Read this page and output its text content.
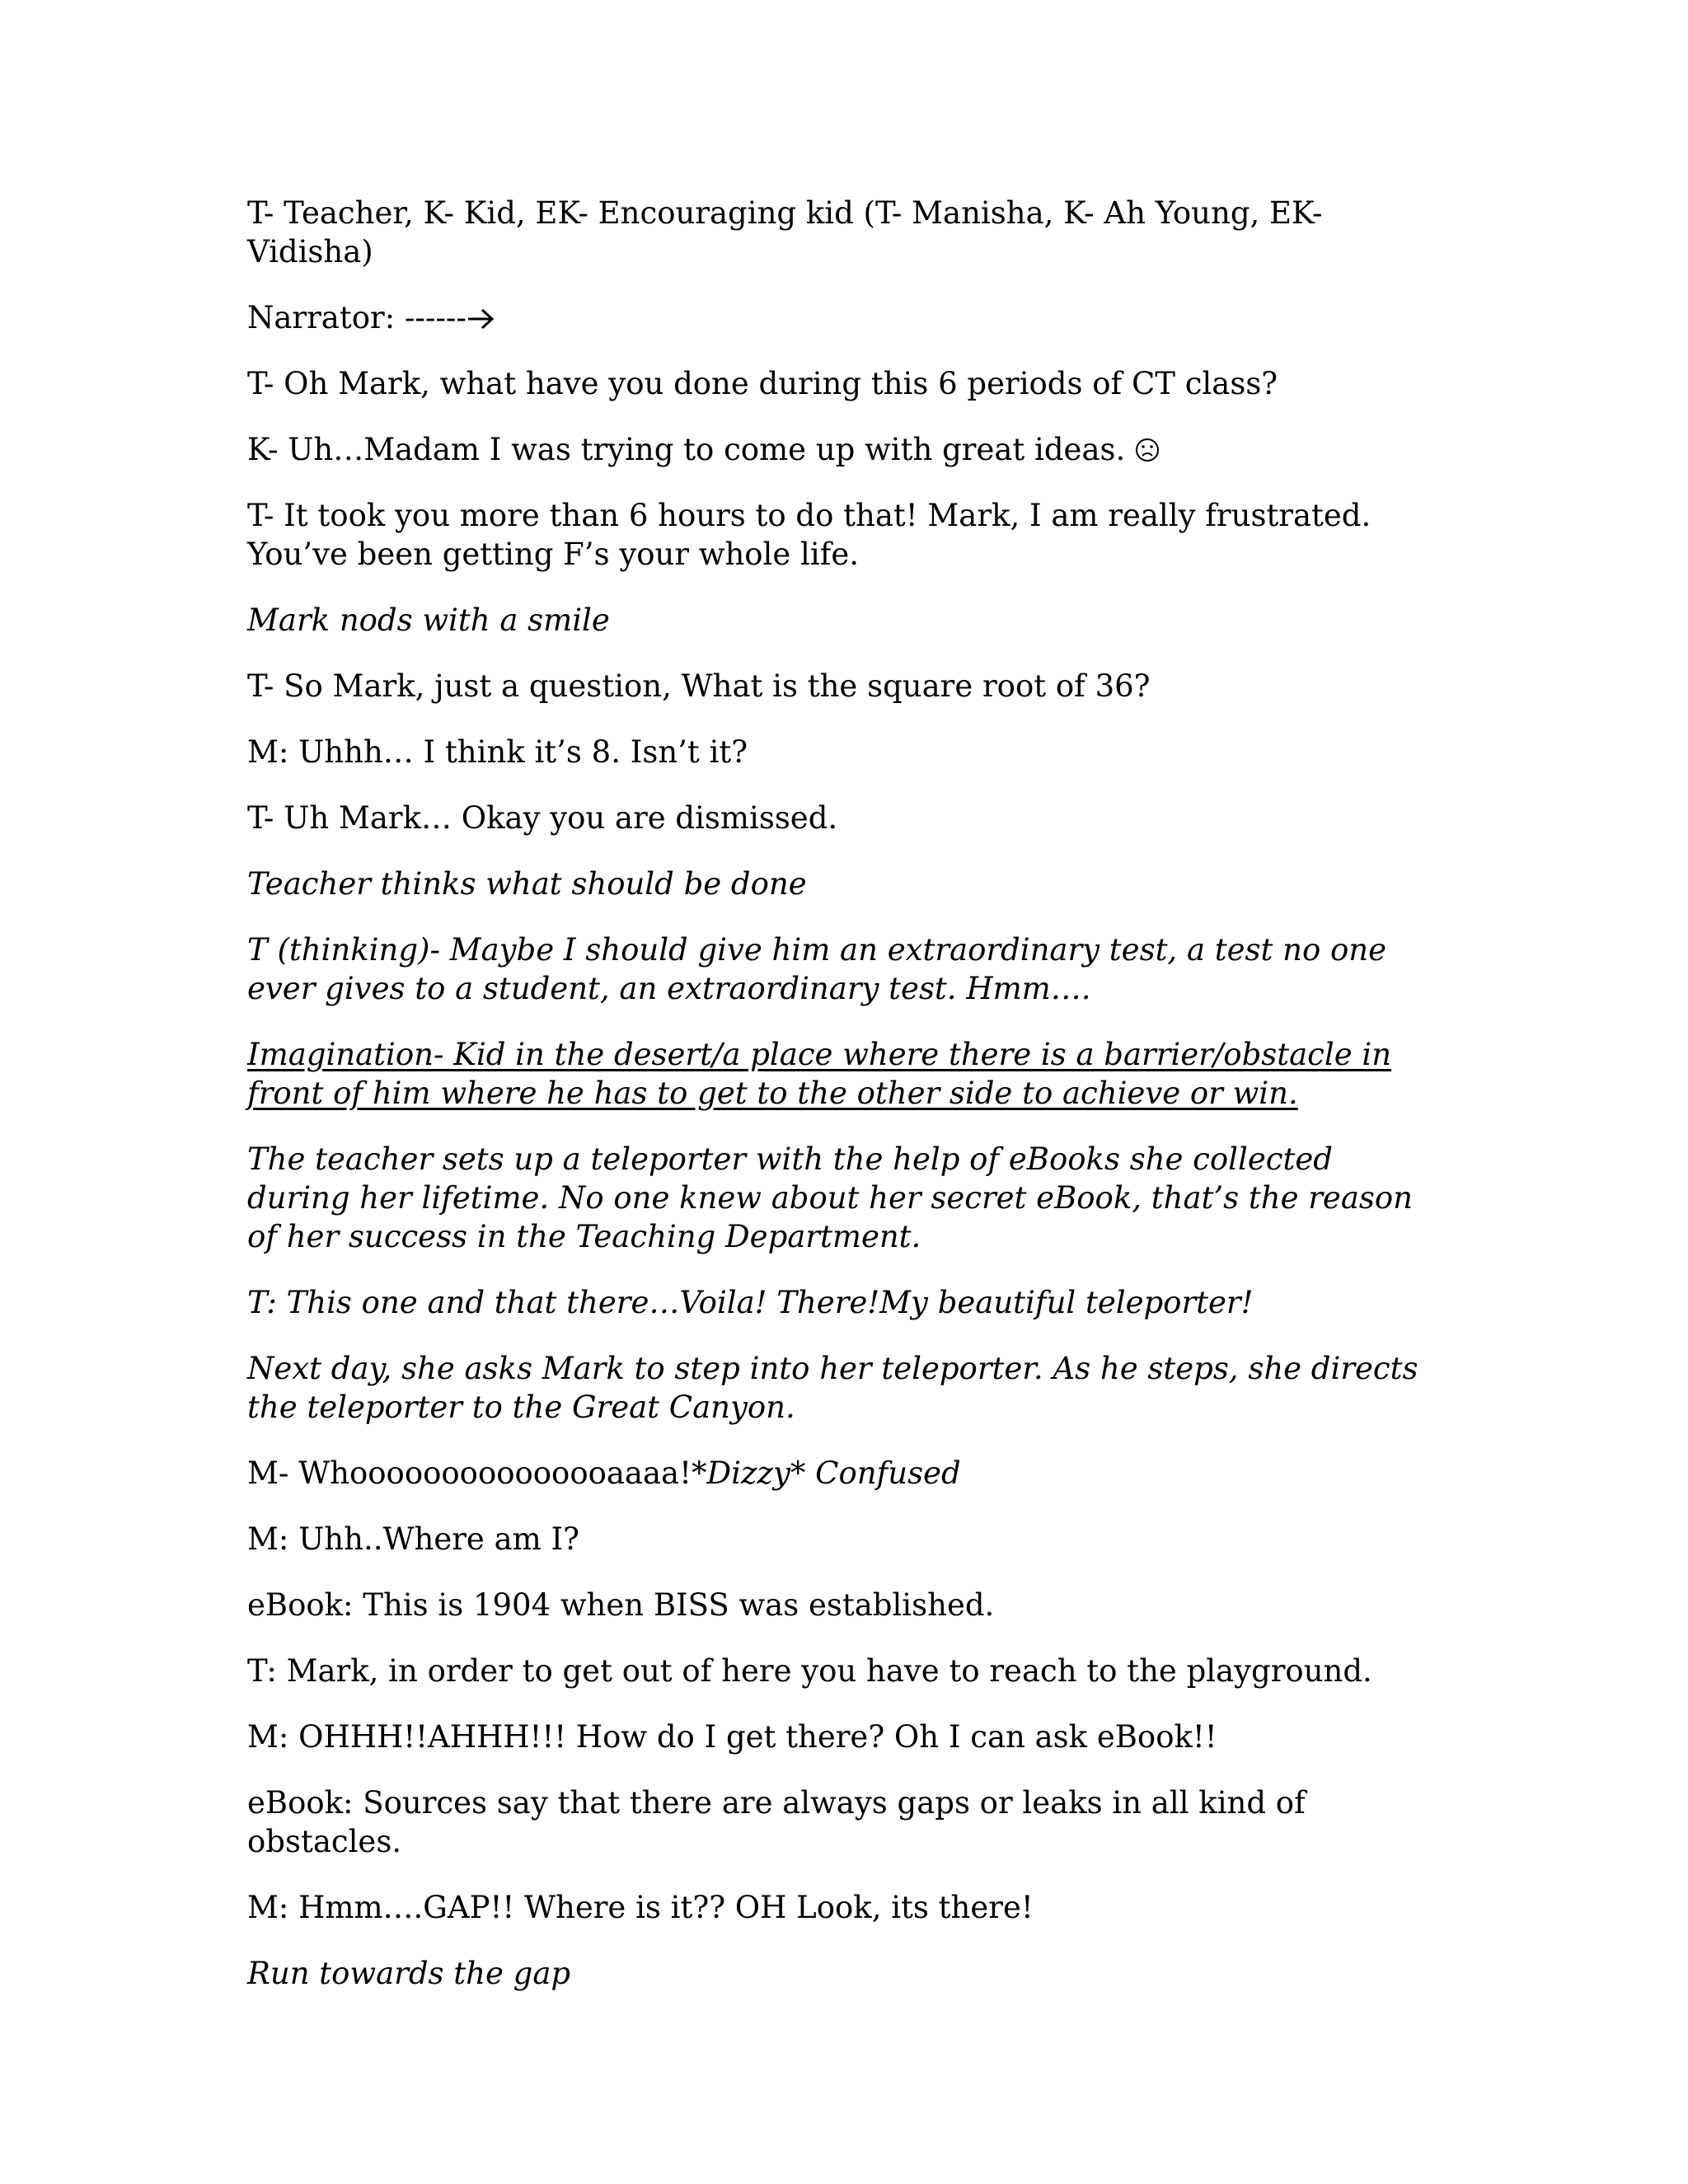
T- Teacher, K- Kid, EK- Encouraging kid (T- Manisha, K- Ah Young, EK- Vidisha)

Narrator: ------

T- Oh Mark, what have you done during this 6 periods of CT class?

K- Uh…Madam I was trying to come up with great ideas.

T- It took you more than 6 hours to do that! Mark, I am really frustrated. You’ve been getting F’s your whole life.

Mark nods with a smile

T- So Mark, just a question, What is the square root of 36?

M: Uhhh… I think it’s 8. Isn’t it?

T- Uh Mark… Okay you are dismissed.

Teacher thinks what should be done

T (thinking)- Maybe I should give him an extraordinary test, a test no one ever gives to a student, an extraordinary test. Hmm….

Imagination- Kid in the desert/a place where there is a barrier/obstacle in front of him where he has to get to the other side to achieve or win.

The teacher sets up a teleporter with the help of eBooks she collected during her lifetime. No one knew about her secret eBook, that’s the reason of her success in the Teaching Department.

T: This one and that there…Voila! There!My beautiful teleporter!

Next day, she asks Mark to step into her teleporter. As he steps, she directs the teleporter to the Great Canyon.

M- Whooooooooooooooaaaa!*Dizzy* Confused

M: Uhh..Where am I?

eBook: This is 1904 when BISS was established.

T: Mark, in order to get out of here you have to reach to the playground.

M: OHHH!!AHHH!!! How do I get there? Oh I can ask eBook!!

eBook: Sources say that there are always gaps or leaks in all kind of obstacles.

M: Hmm….GAP!! Where is it?? OH Look, its there!

Run towards the gap
